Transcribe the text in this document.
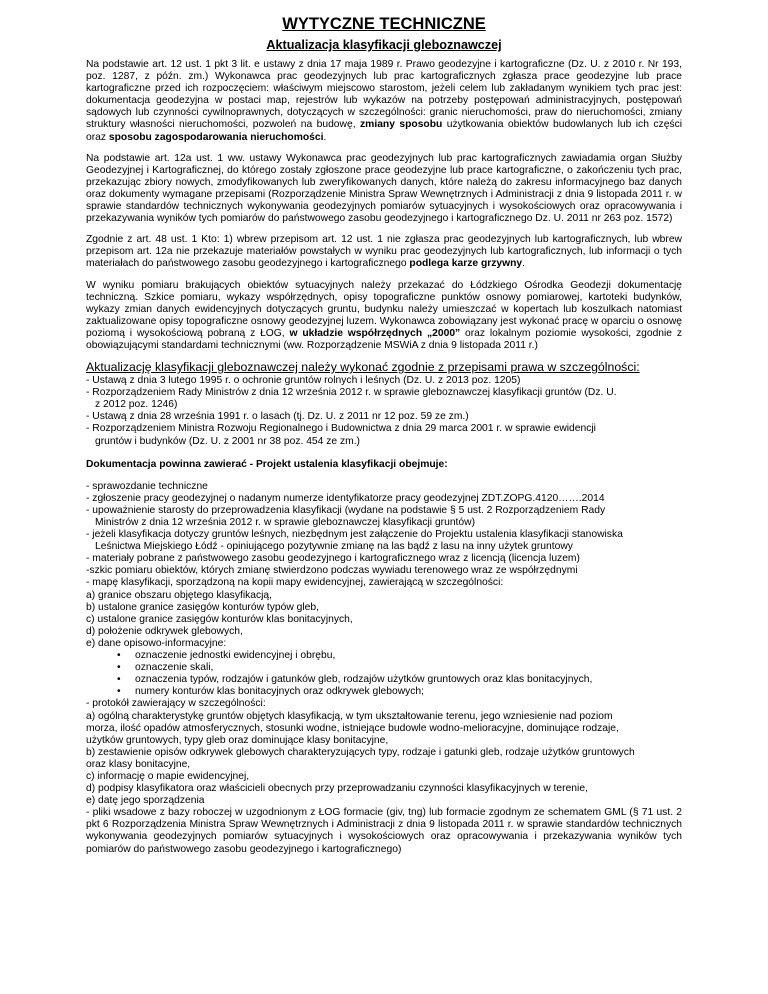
WYTYCZNE TECHNICZNE
Aktualizacja klasyfikacji gleboznawczej

Na podstawie art. 12 ust. 1 pkt 3 lit. e ustawy z dnia 17 maja 1989 r. Prawo geodezyjne i kartograficzne (Dz. U. z 2010 r. Nr 193, poz. 1287, z późn. zm.) Wykonawca prac geodezyjnych lub prac kartograficznych zgłasza prace geodezyjne lub prace kartograficzne przed ich rozpoczęciem: właściwym miejscowo starostom, jeżeli celem lub zakładanym wynikiem tych prac jest: dokumentacja geodezyjna w postaci map, rejestrów lub wykazów na potrzeby postępowań administracyjnych, postępowań sądowych lub czynności cywilnoprawnych, dotyczących w szczególności: granic nieruchomości, praw do nieruchomości, zmiany struktury własności nieruchomości, pozwoleń na budowę, zmiany sposobu użytkowania obiektów budowlanych lub ich części oraz sposobu zagospodarowania nieruchomości.

Na podstawie art. 12a ust. 1 ww. ustawy Wykonawca prac geodezyjnych lub prac kartograficznych zawiadamia organ Służby Geodezyjnej i Kartograficznej, do którego zostały zgłoszone prace geodezyjne lub prace kartograficzne, o zakończeniu tych prac, przekazując zbiory nowych, zmodyfikowanych lub zweryfikowanych danych, które należą do zakresu informacyjnego baz danych oraz dokumenty wymagane przepisami (Rozporządzenie Ministra Spraw Wewnętrznych i Administracji z dnia 9 listopada 2011 r. w sprawie standardów technicznych wykonywania geodezyjnych pomiarów sytuacyjnych i wysokościowych oraz opracowywania i przekazywania wyników tych pomiarów do państwowego zasobu geodezyjnego i kartograficznego Dz. U. 2011 nr 263 poz. 1572)

Zgodnie z art. 48 ust. 1 Kto: 1) wbrew przepisom art. 12 ust. 1 nie zgłasza prac geodezyjnych lub kartograficznych, lub wbrew przepisom art. 12a nie przekazuje materiałów powstałych w wyniku prac geodezyjnych lub kartograficznych, lub informacji o tych materiałach do państwowego zasobu geodezyjnego i kartograficznego podlega karze grzywny.

W wyniku pomiaru brakujących obiektów sytuacyjnych należy przekazać do Łódzkiego Ośrodka Geodezji dokumentację techniczną. Szkice pomiaru, wykazy współrzędnych, opisy topograficzne punktów osnowy pomiarowej, kartoteki budynków, wykazy zmian danych ewidencyjnych dotyczących gruntu, budynku należy umieszczać w kopertach lub koszulkach natomiast zaktualizowane opisy topograficzne osnowy geodezyjnej luzem. Wykonawca zobowiązany jest wykonać pracę w oparciu o osnowę poziomą i wysokościową pobraną z ŁOG, w układzie współrzędnych „2000” oraz lokalnym poziomie wysokości, zgodnie z obowiązującymi standardami technicznymi (ww. Rozporządzenie MSWiA z dnia 9 listopada 2011 r.)

Aktualizację klasyfikacji gleboznawczej należy wykonać zgodnie z przepisami prawa w szczególności:
- Ustawą z dnia 3 lutego 1995 r. o ochronie gruntów rolnych i leśnych (Dz. U. z 2013 poz. 1205)
- Rozporządzeniem Rady Ministrów z dnia 12 września 2012 r. w sprawie gleboznawczej klasyfikacji gruntów (Dz. U.
z 2012 poz. 1246)
- Ustawą z dnia 28 września 1991 r. o lasach (tj. Dz. U. z 2011 nr 12 poz. 59 ze zm.)
- Rozporządzeniem Ministra Rozwoju Regionalnego i Budownictwa z dnia 29 marca 2001 r. w sprawie ewidencji
gruntów i budynków (Dz. U. z 2001 nr 38 poz. 454 ze zm.)
Dokumentacja powinna zawierać - Projekt ustalenia klasyfikacji obejmuje:
- sprawozdanie techniczne
- zgłoszenie pracy geodezyjnej o nadanym numerze identyfikatorze pracy geodezyjnej ZDT.ZOPG.4120…….2014
- upoważnienie starosty do przeprowadzenia klasyfikacji (wydane na podstawie § 5 ust. 2 Rozporządzeniem Rady
Ministrów z dnia 12 września 2012 r. w sprawie gleboznawczej klasyfikacji gruntów)
- jeżeli klasyfikacja dotyczy gruntów leśnych, niezbędnym jest załączenie do Projektu ustalenia klasyfikacji stanowiska
Leśnictwa Miejskiego Łódź - opiniującego pozytywnie zmianę na las bądź z lasu na inny użytek gruntowy
- materiały pobrane z państwowego zasobu geodezyjnego i kartograficznego wraz z licencją (licencja luzem)
-szkic pomiaru obiektów, których zmianę stwierdzono podczas wywiadu terenowego wraz ze współrzędnymi
- mapę klasyfikacji, sporządzoną na kopii mapy ewidencyjnej, zawierającą w szczególności:
a) granice obszaru objętego klasyfikacją,
b) ustalone granice zasięgów konturów typów gleb,
c) ustalone granice zasięgów konturów klas bonitacyjnych,
d) położenie odkrywek glebowych,
e) dane opisowo-informacyjne:
• oznaczenie jednostki ewidencyjnej i obrębu,
• oznaczenie skali,
• oznaczenia typów, rodzajów i gatunków gleb, rodzajów użytków gruntowych oraz klas bonitacyjnych,
• numery konturów klas bonitacyjnych oraz odkrywek glebowych;
- protokół zawierający w szczególności:
a) ogólną charakterystykę gruntów objętych klasyfikacją, w tym ukształtowanie terenu, jego wzniesienie nad poziom
morza, ilość opadów atmosferycznych, stosunki wodne, istniejące budowle wodno-melioracyjne, dominujące rodzaje,
użytków gruntowych, typy gleb oraz dominujące klasy bonitacyjne,
b) zestawienie opisów odkrywek glebowych charakteryzujących typy, rodzaje i gatunki gleb, rodzaje użytków gruntowych
oraz klasy bonitacyjne,
c) informację o mapie ewidencyjnej,
d) podpisy klasyfikatora oraz właścicieli obecnych przy przeprowadzaniu czynności klasyfikacyjnych w terenie,
e) datę jego sporządzenia

- pliki wsadowe z bazy roboczej w uzgodnionym z ŁOG formacie (giv, tng) lub formacie zgodnym ze schematem GML (§ 71 ust. 2 pkt 6 Rozporządzenia Ministra Spraw Wewnętrznych i Administracji z dnia 9 listopada 2011 r. w sprawie standardów technicznych wykonywania geodezyjnych pomiarów sytuacyjnych i wysokościowych oraz opracowywania i przekazywania wyników tych pomiarów do państwowego zasobu geodezyjnego i kartograficznego)
